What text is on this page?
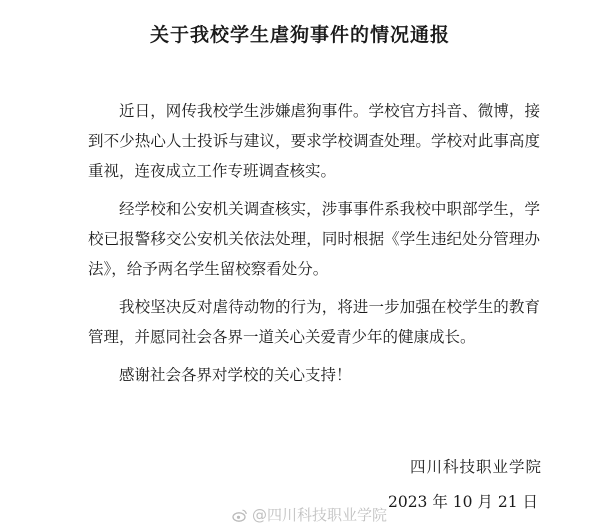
关于我校学生虐狗事件的情况通报

近日，网传我校学生涉嫌虐狗事件。学校官方抖音、微博，接到不少热心人士投诉与建议，要求学校调查处理。学校对此事高度重视，连夜成立工作专班调查核实。

经学校和公安机关调查核实，涉事事件系我校中职部学生，学校已报警移交公安机关依法处理，同时根据《学生违纪处分管理办法》，给予两名学生留校察看处分。

我校坚决反对虐待动物的行为，将进一步加强在校学生的教育管理，并愿同社会各界一道关心关爱青少年的健康成长。

感谢社会各界对学校的关心支持！

四川科技职业学院
2023 年 10 月 21 日
@四川科技职业学院
